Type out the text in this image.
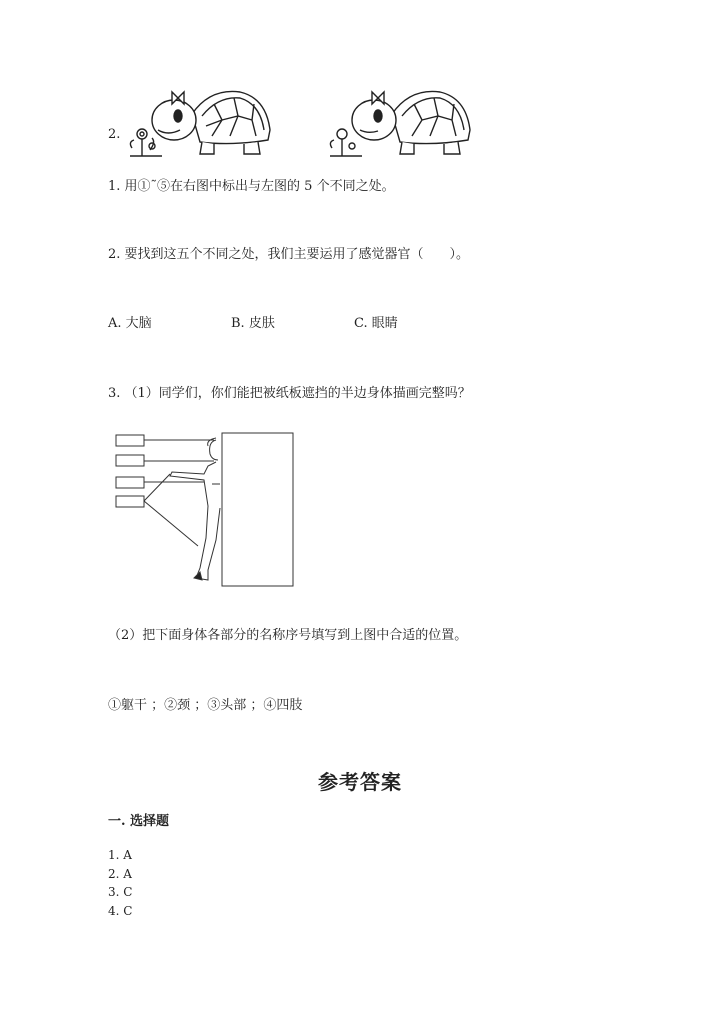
2.
1. 用①˜⑤在右图中标出与左图的 5 个不同之处。
2. 要找到这五个不同之处，我们主要运用了感觉器官（　　）。
A. 大脑	B. 皮肤	C. 眼睛
3. （1）同学们，你们能把被纸板遮挡的半边身体描画完整吗？
（2）把下面身体各部分的名称序号填写到上图中合适的位置。
①躯干 ；②颈 ；③头部 ；④四肢
参考答案
一. 选择题
1. A
2. A
3. C
4. C
